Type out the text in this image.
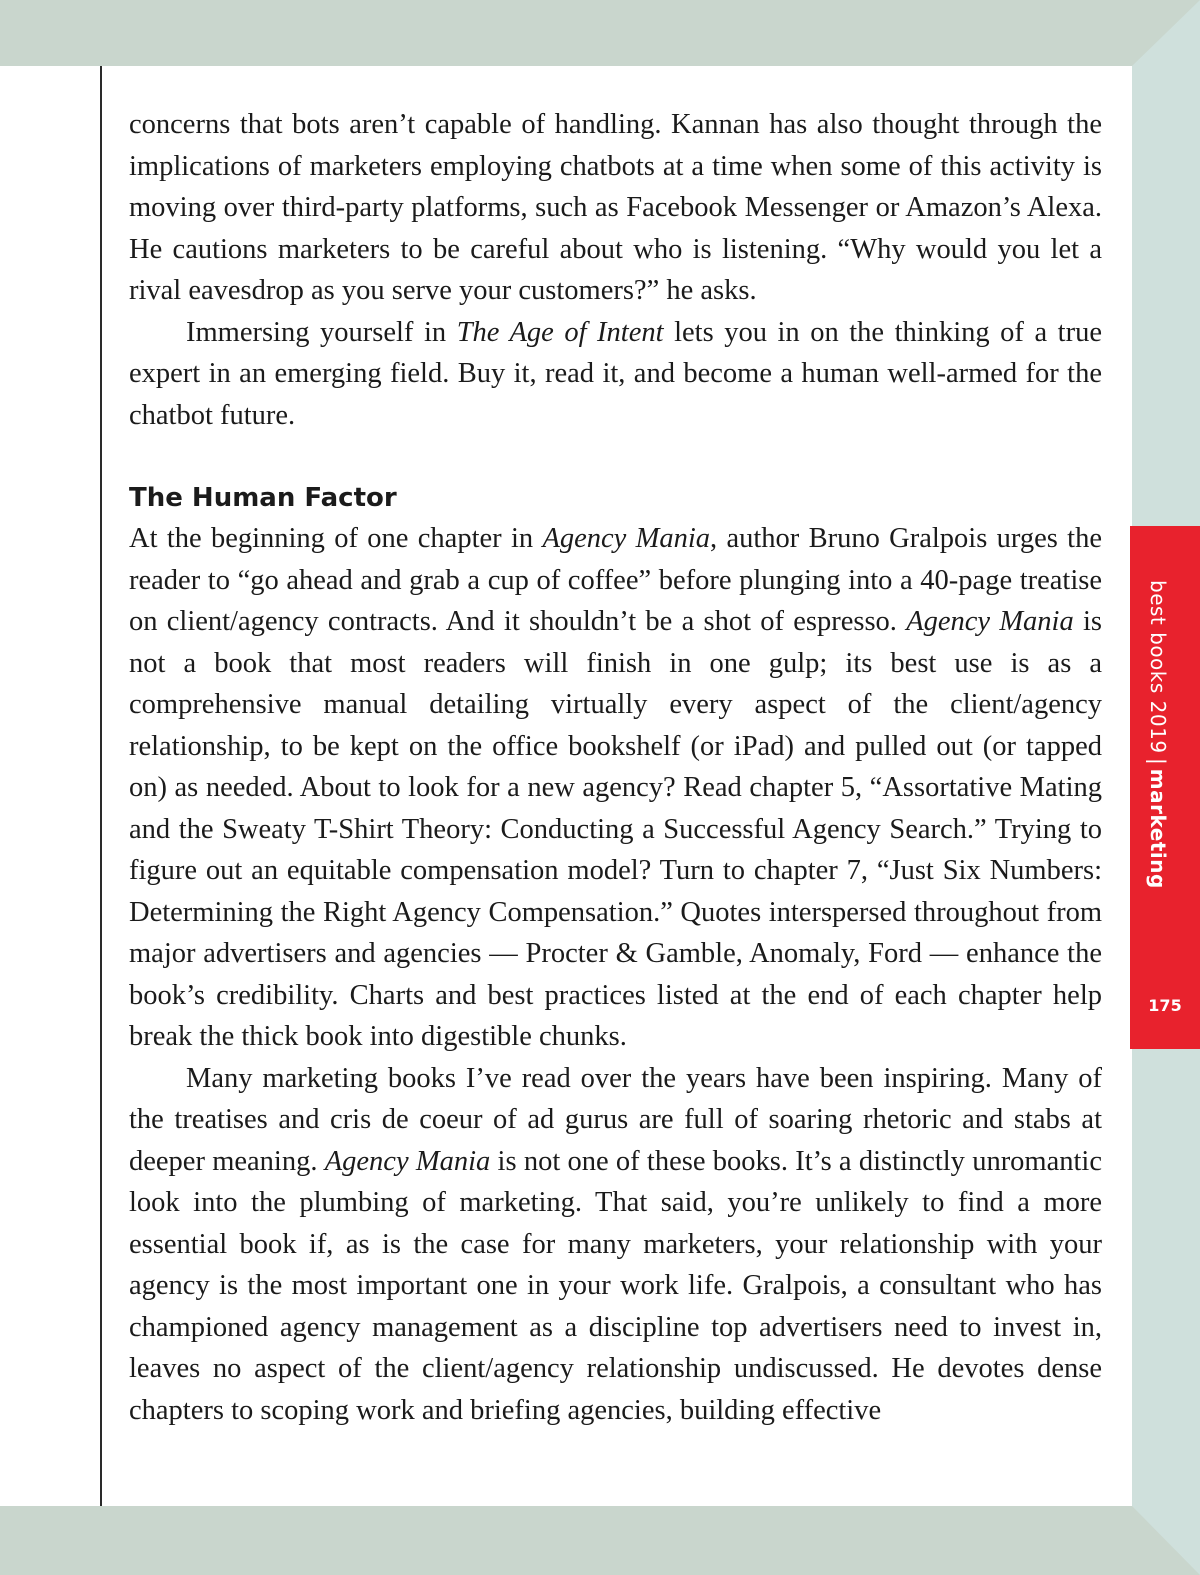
concerns that bots aren’t capable of handling. Kannan has also thought through the implications of marketers employing chatbots at a time when some of this activity is moving over third-party platforms, such as Facebook Messenger or Amazon’s Alexa. He cautions marketers to be careful about who is listening. “Why would you let a rival eavesdrop as you serve your customers?” he asks.

Immersing yourself in The Age of Intent lets you in on the thinking of a true expert in an emerging field. Buy it, read it, and become a human well-armed for the chatbot future.

The Human Factor

At the beginning of one chapter in Agency Mania, author Bruno Gralpois urges the reader to “go ahead and grab a cup of coffee” before plunging into a 40-page treatise on client/agency contracts. And it shouldn’t be a shot of espresso. Agency Mania is not a book that most readers will finish in one gulp; its best use is as a comprehensive manual detailing virtually every aspect of the client/agency relationship, to be kept on the office bookshelf (or iPad) and pulled out (or tapped on) as needed. About to look for a new agency? Read chapter 5, “Assortative Mating and the Sweaty T-Shirt Theory: Conducting a Successful Agency Search.” Trying to figure out an equitable compensation model? Turn to chapter 7, “Just Six Numbers: Determining the Right Agency Compensation.” Quotes interspersed throughout from major advertisers and agencies — Procter & Gamble, Anomaly, Ford — enhance the book’s credibility. Charts and best practices listed at the end of each chapter help break the thick book into digestible chunks.

Many marketing books I’ve read over the years have been inspiring. Many of the treatises and cris de coeur of ad gurus are full of soaring rhetoric and stabs at deeper meaning. Agency Mania is not one of these books. It’s a distinctly unromantic look into the plumbing of marketing. That said, you’re unlikely to find a more essential book if, as is the case for many marketers, your relationship with your agency is the most important one in your work life. Gralpois, a consultant who has championed agency management as a discipline top advertisers need to invest in, leaves no aspect of the client/agency relationship undiscussed. He devotes dense chapters to scoping work and briefing agencies, building effective

best books 2019|marketing
175
